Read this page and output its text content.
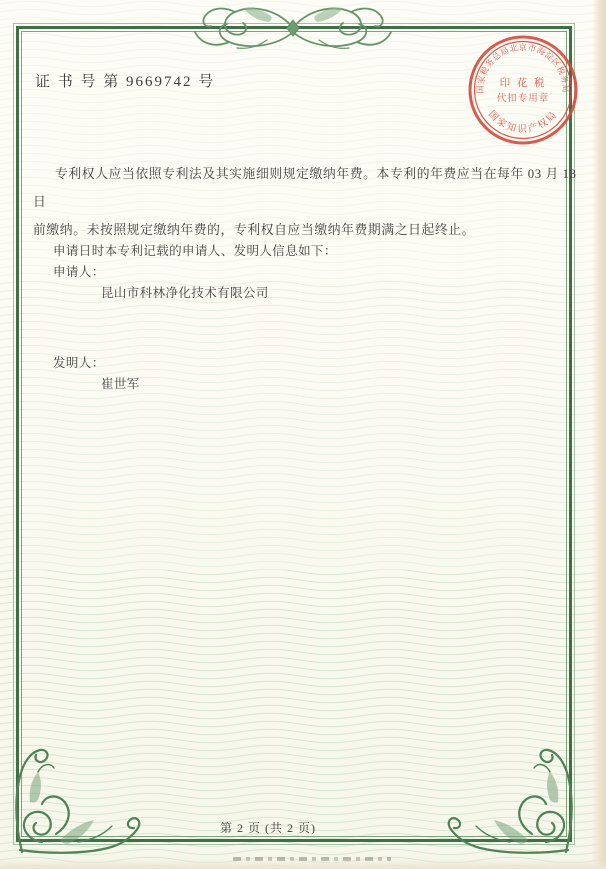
国家税务总局北京市海淀区税务局
印 花 税
代扣专用章
国家知识产权局
证 书 号 第 9669742 号
专利权人应当依照专利法及其实施细则规定缴纳年费。本专利的年费应当在每年 03 月 13 日
前缴纳。未按照规定缴纳年费的，专利权自应当缴纳年费期满之日起终止。
申请日时本专利记载的申请人、发明人信息如下：
申请人：
昆山市科林净化技术有限公司
发明人：
崔世军
第 2 页 (共 2 页)
